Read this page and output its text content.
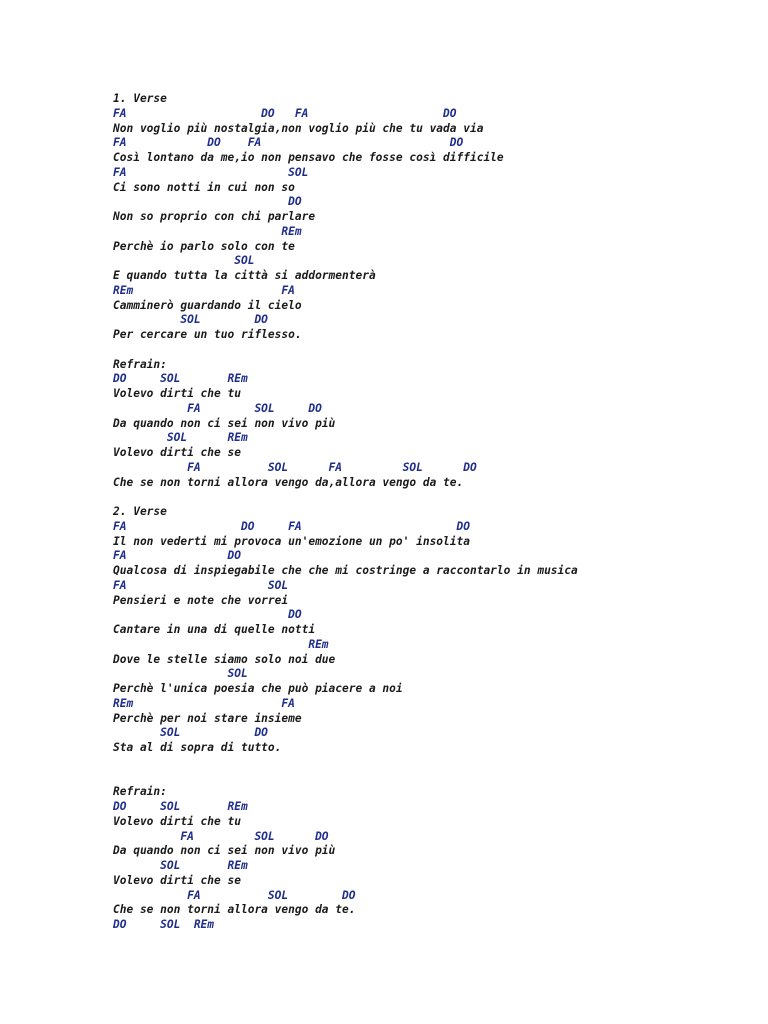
1. Verse
FA                    DO   FA                    DO
Non voglio più nostalgia,non voglio più che tu vada via
FA            DO    FA                            DO
Così lontano da me,io non pensavo che fosse così difficile
FA                        SOL
Ci sono notti in cui non so
DO
Non so proprio con chi parlare
REm
Perchè io parlo solo con te
SOL
E quando tutta la città si addormenterà
REm                      FA
Camminerò guardando il cielo
SOL        DO
Per cercare un tuo riflesso.
Refrain:
DO     SOL       REm
Volevo dirti che tu
FA        SOL     DO
Da quando non ci sei non vivo più
SOL      REm
Volevo dirti che se
FA          SOL      FA         SOL      DO
Che se non torni allora vengo da,allora vengo da te.
2. Verse
FA                 DO     FA                       DO
Il non vederti mi provoca un'emozione un po' insolita
FA               DO
Qualcosa di inspiegabile che che mi costringe a raccontarlo in musica
FA                     SOL
Pensieri e note che vorrei
DO
Cantare in una di quelle notti
REm
Dove le stelle siamo solo noi due
SOL
Perchè l'unica poesia che può piacere a noi
REm                      FA
Perchè per noi stare insieme
SOL           DO
Sta al di sopra di tutto.
Refrain:
DO     SOL       REm
Volevo dirti che tu
FA         SOL      DO
Da quando non ci sei non vivo più
SOL       REm
Volevo dirti che se
FA          SOL        DO
Che se non torni allora vengo da te.
DO     SOL  REm
